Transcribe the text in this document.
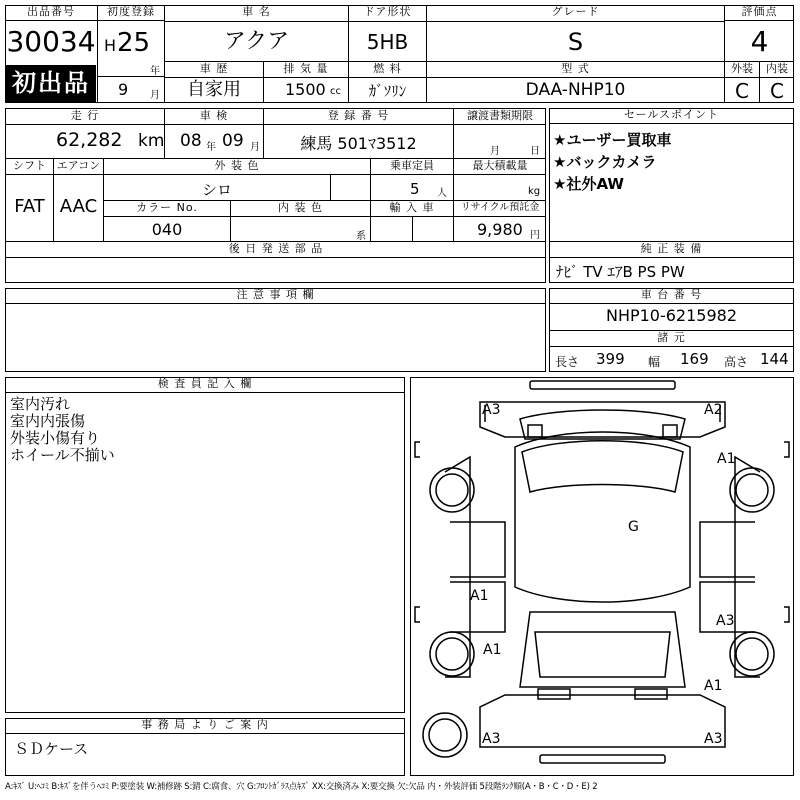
出品番号
30034
初出品
初度登録
H 25
年
9 月
車 名
アクア
ドア形状
5HB
グレード
S
評価点
4
車 歴
自家用
排 気 量
1500 cc
燃 料
ｶﾞｿﾘﾝ
型 式
DAA-NHP10
外装
C
内装
C
走 行
62,282 km
車 検
08 年 09 月
登 録 番 号
練馬 501ﾏ3512
譲渡書類期限
月	日
シフト
FAT
エアコン
AAC
外 装 色
シロ
乗車定員
5 人
最大積載量
kg
カラー No.
040
内 装 色
系
輸 入 車	リサイクル預託金
9,980 円
後 日 発 送 部 品
セールスポイント
★ユーザー買取車
★バックカメラ
★社外AW
純 正 装 備
ﾅﾋﾞ TV ｴｱB PS PW
注 意 事 項 欄	車 台 番 号
NHP10-6215982
諸 元
長さ 399 幅 169 高さ 144
検 査 員 記 入 欄
室内汚れ
室内内張傷
外装小傷有り
ホイール不揃い
事 務 局 よ り ご 案 内
ＳＤケース
A3	A2
A1
G
A1
A3
A1
A1
A3	A3
A:ｷｽﾞ U:ﾍｺﾐ B:ｷｽﾞを伴うﾍｺﾐ P:要塗装 W:補修跡 S:錆 C:腐食、穴 G:ﾌﾛﾝﾄｶﾞﾗｽ点ｷｽﾞ XX:交換済み X:要交換 欠:欠品 内・外装評価 5段階ﾗﾝｸ順(A・B・C・D・E) 2
